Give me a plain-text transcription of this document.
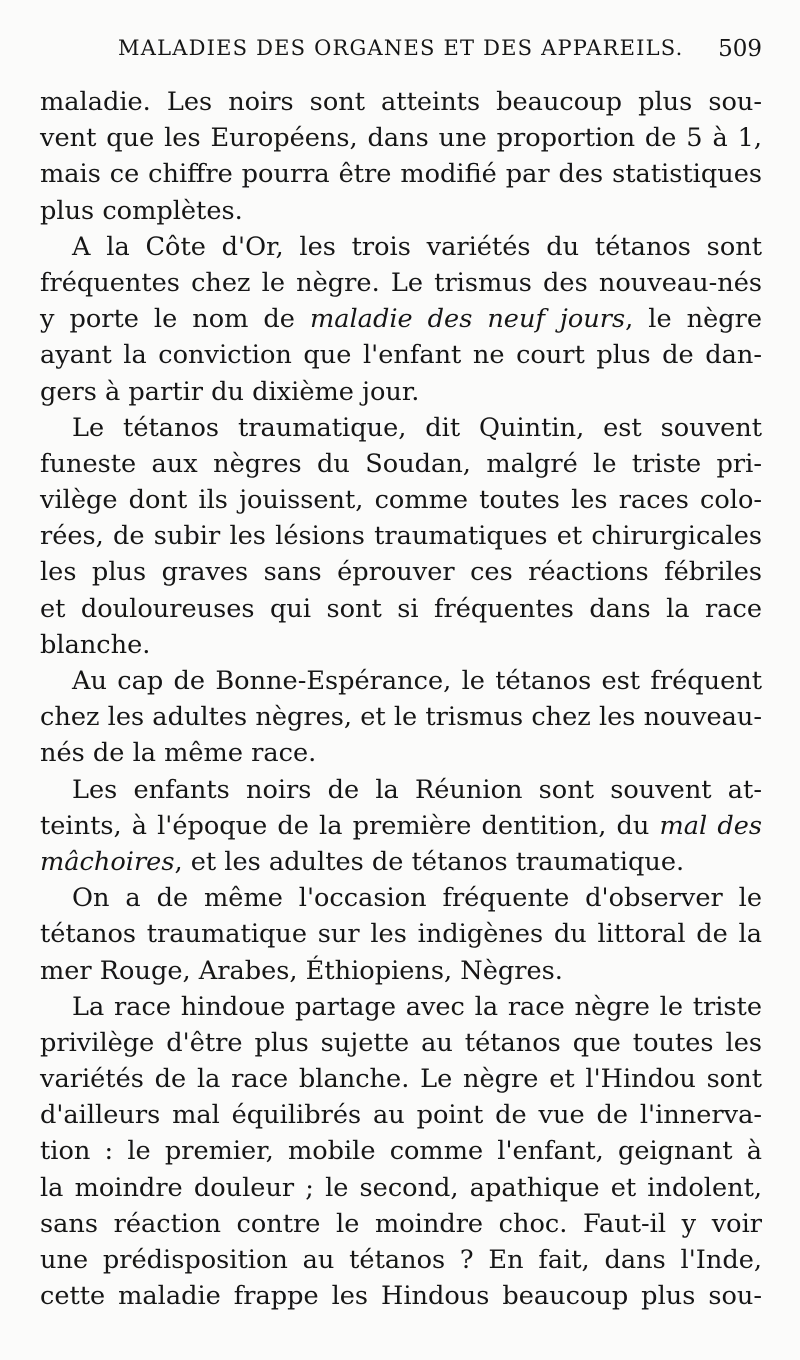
MALADIES DES ORGANES ET DES APPAREILS. 509
maladie. Les noirs sont atteints beaucoup plus sou-
vent que les Européens, dans une proportion de 5 à 1,
mais ce chiffre pourra être modifié par des statistiques
plus complètes.
A la Côte d'Or, les trois variétés du tétanos sont
fréquentes chez le nègre. Le trismus des nouveau-nés
y porte le nom de maladie des neuf jours, le nègre
ayant la conviction que l'enfant ne court plus de dan-
gers à partir du dixième jour.
Le tétanos traumatique, dit Quintin, est souvent
funeste aux nègres du Soudan, malgré le triste pri-
vilège dont ils jouissent, comme toutes les races colo-
rées, de subir les lésions traumatiques et chirurgicales
les plus graves sans éprouver ces réactions fébriles
et douloureuses qui sont si fréquentes dans la race
blanche.
Au cap de Bonne-Espérance, le tétanos est fréquent
chez les adultes nègres, et le trismus chez les nouveau-
nés de la même race.
Les enfants noirs de la Réunion sont souvent at-
teints, à l'époque de la première dentition, du mal des
mâchoires, et les adultes de tétanos traumatique.
On a de même l'occasion fréquente d'observer le
tétanos traumatique sur les indigènes du littoral de la
mer Rouge, Arabes, Éthiopiens, Nègres.
La race hindoue partage avec la race nègre le triste
privilège d'être plus sujette au tétanos que toutes les
variétés de la race blanche. Le nègre et l'Hindou sont
d'ailleurs mal équilibrés au point de vue de l'innerva-
tion : le premier, mobile comme l'enfant, geignant à
la moindre douleur ; le second, apathique et indolent,
sans réaction contre le moindre choc. Faut-il y voir
une prédisposition au tétanos ? En fait, dans l'Inde,
cette maladie frappe les Hindous beaucoup plus sou-
